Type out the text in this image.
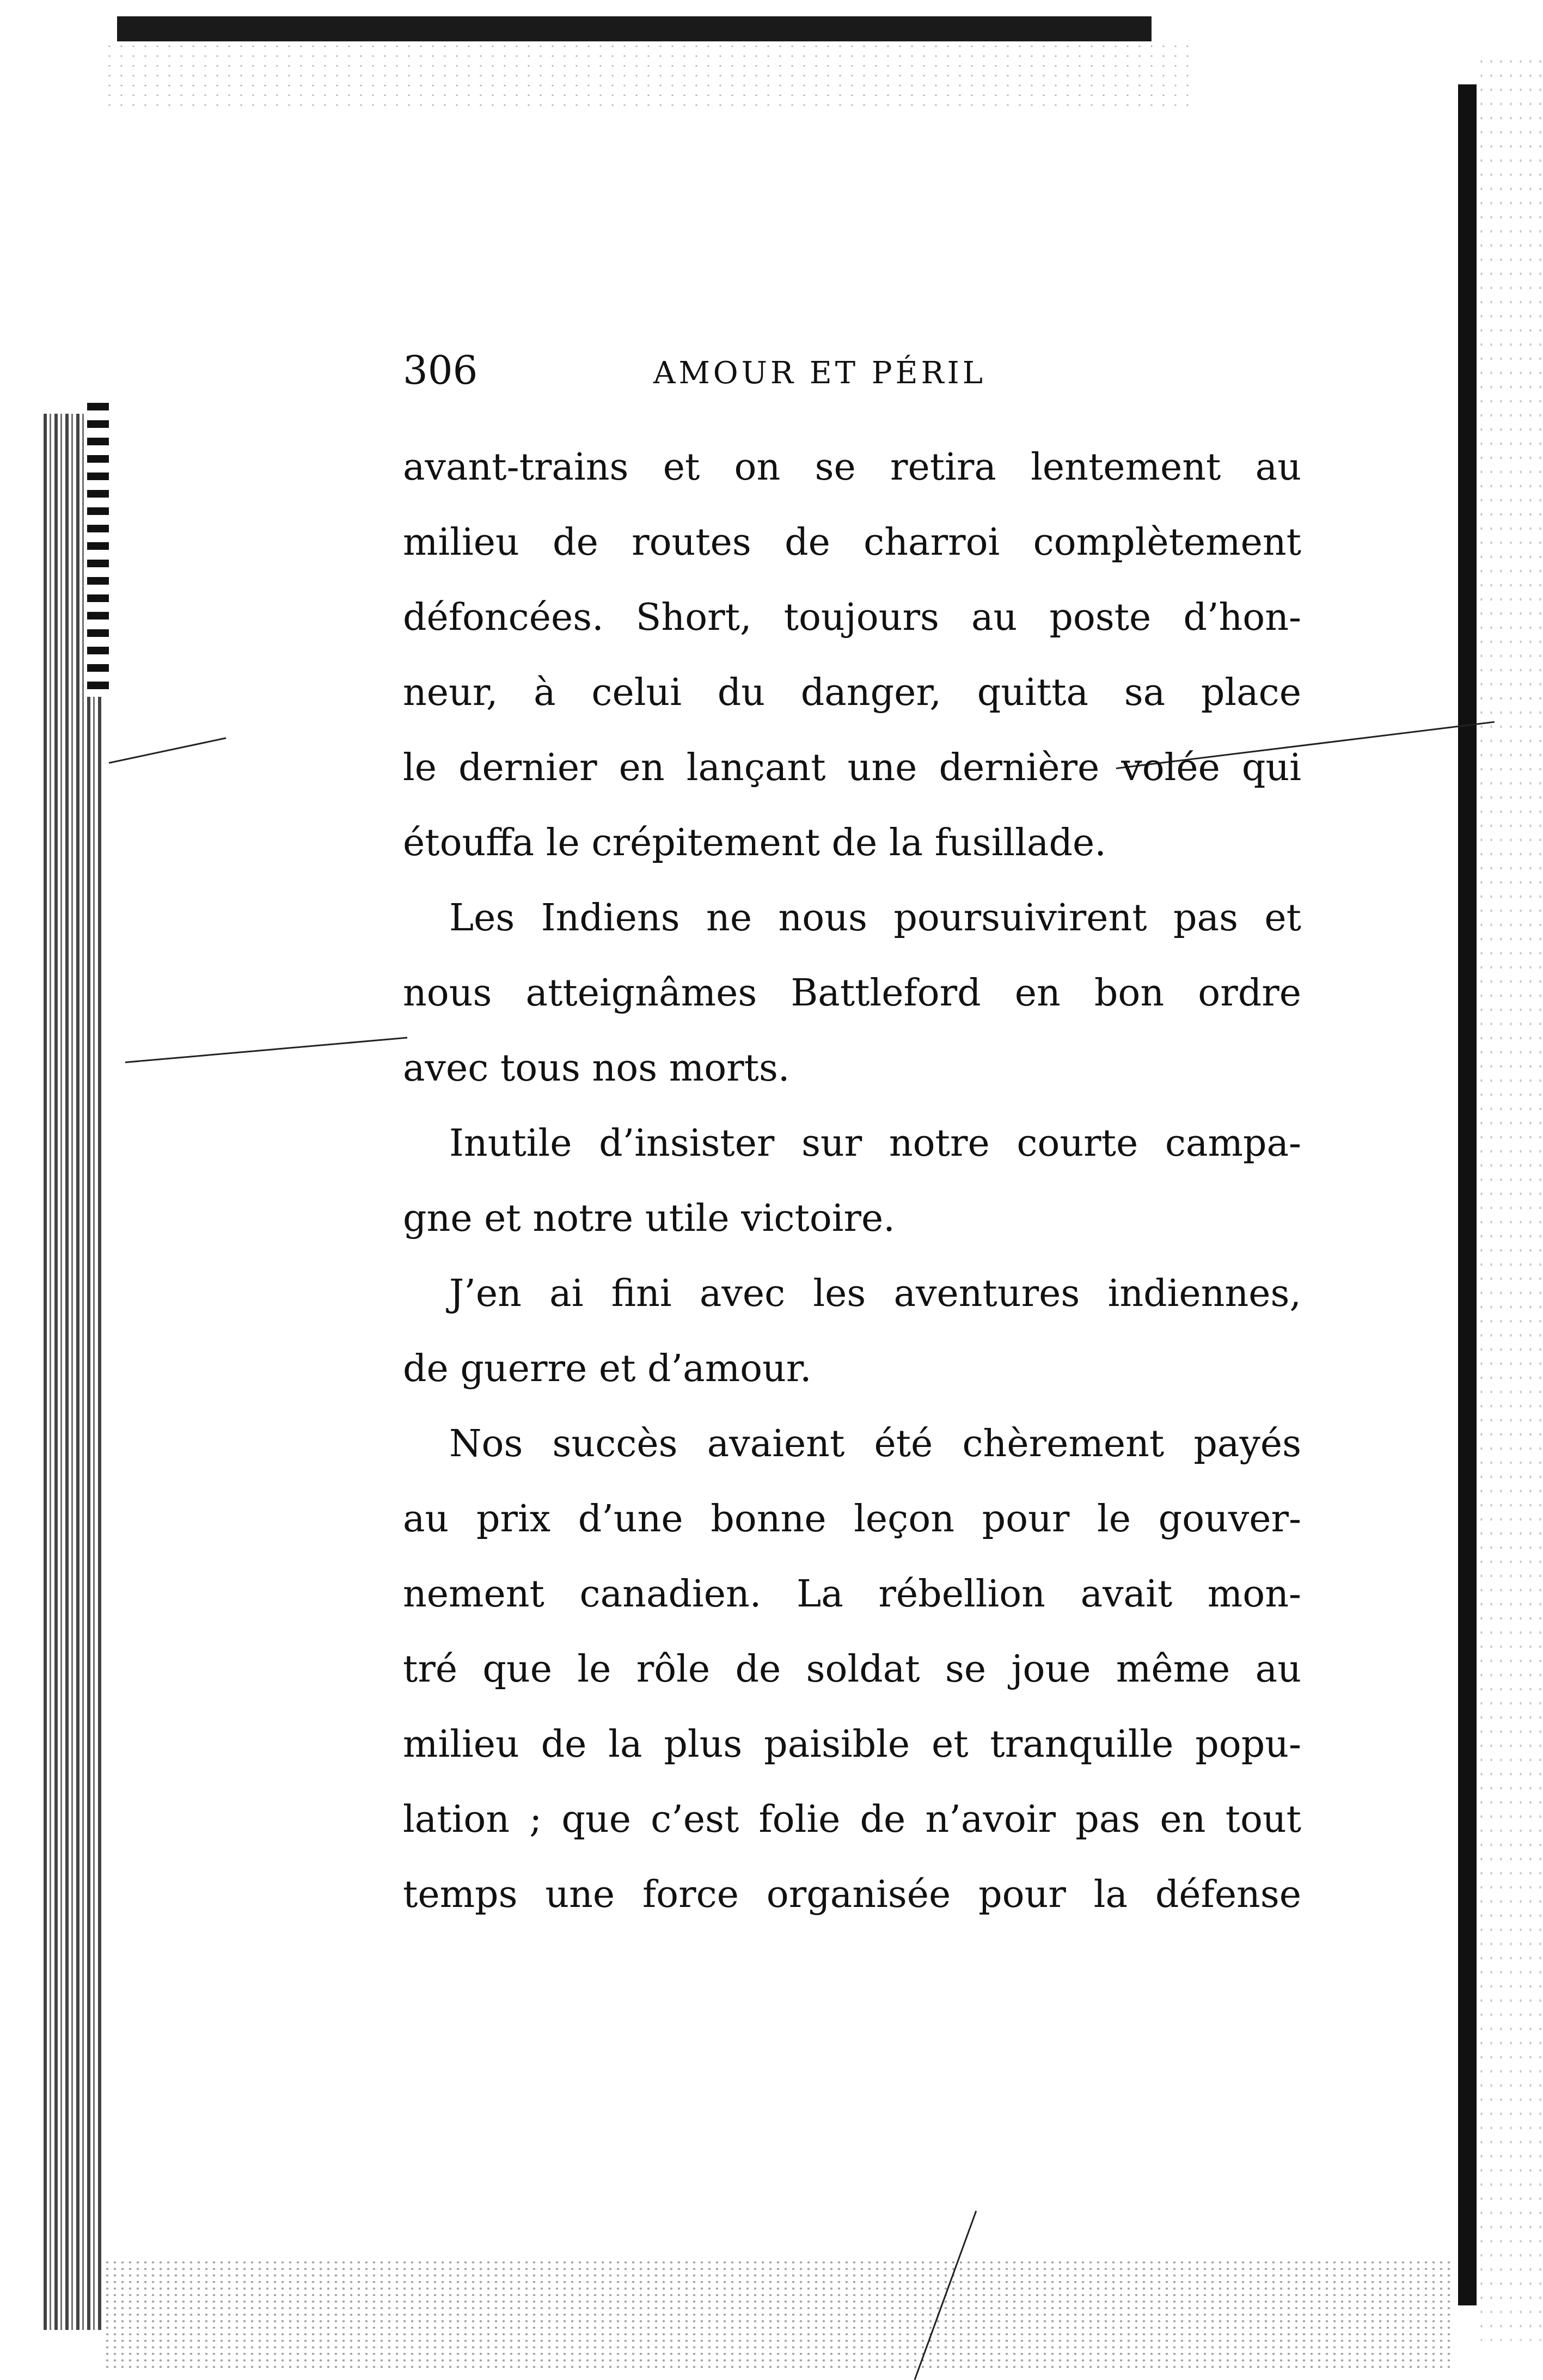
306	AMOUR ET PÉRIL
avant-trains et on se retira lentement au
milieu de routes de charroi complètement
défoncées. Short, toujours au poste d’hon-
neur, à celui du danger, quitta sa place
le dernier en lançant une dernière volée qui
étouffa le crépitement de la fusillade.
Les Indiens ne nous poursuivirent pas et
nous atteignâmes Battleford en bon ordre
avec tous nos morts.
Inutile d’insister sur notre courte campa-
gne et notre utile victoire.
J’en ai fini avec les aventures indiennes,
de guerre et d’amour.
Nos succès avaient été chèrement payés
au prix d’une bonne leçon pour le gouver-
nement canadien. La rébellion avait mon-
tré que le rôle de soldat se joue même au
milieu de la plus paisible et tranquille popu-
lation ; que c’est folie de n’avoir pas en tout
temps une force organisée pour la défense
